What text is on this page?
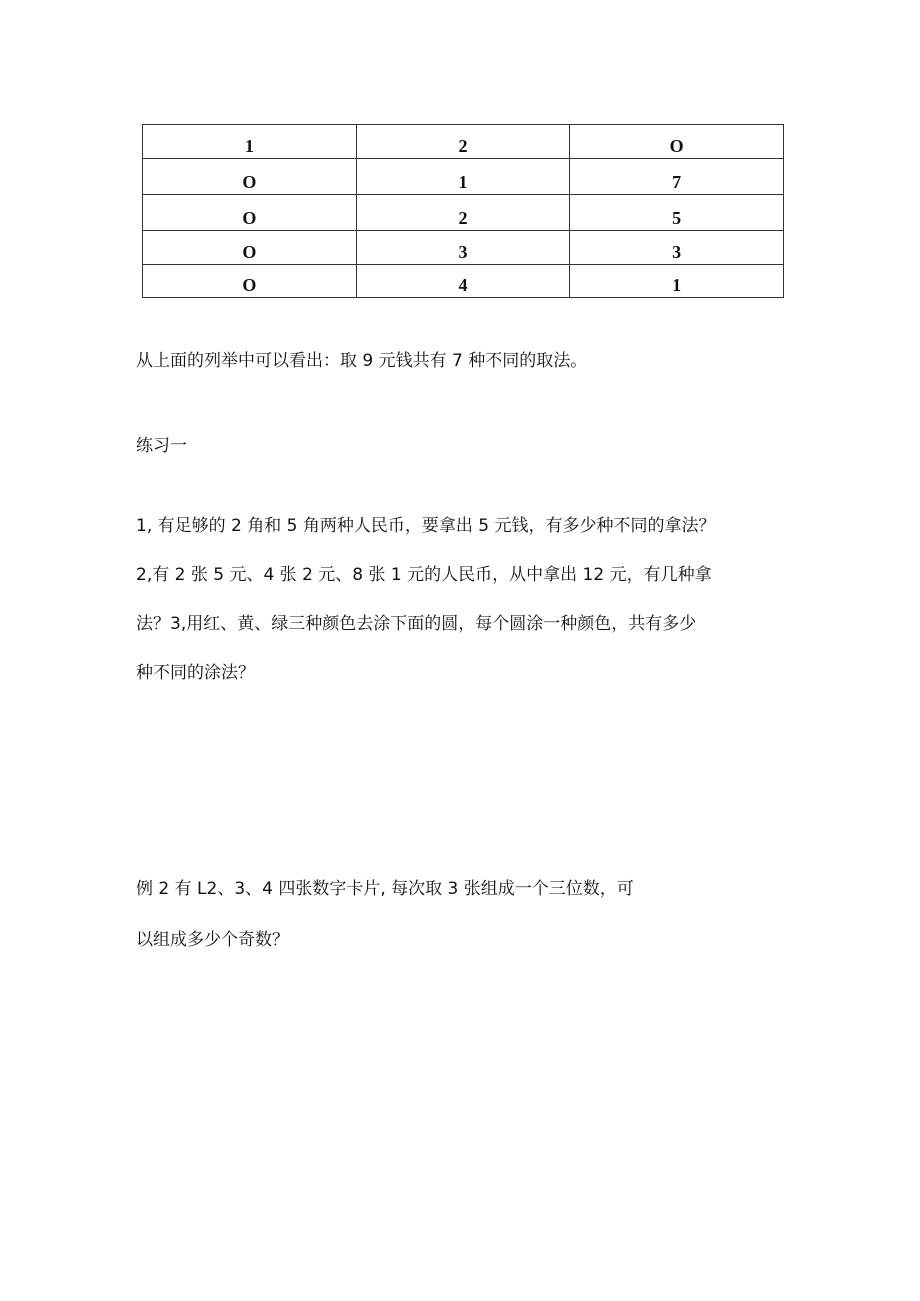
1	2	O
O	1	7
O	2	5
O	3	3
O	4	1

从上面的列举中可以看出：取 9 元钱共有 7 种不同的取法。

练习一

1, 有足够的 2 角和 5 角两种人民币，要拿出 5 元钱，有多少种不同的拿法？
2,有 2 张 5 元、4 张 2 元、8 张 1 元的人民币，从中拿出 12 元，有几种拿
法？3,用红、黄、绿三种颜色去涂下面的圆，每个圆涂一种颜色，共有多少
种不同的涂法？

例 2 有 L2、3、4 四张数字卡片, 每次取 3 张组成一个三位数，可

以组成多少个奇数？
